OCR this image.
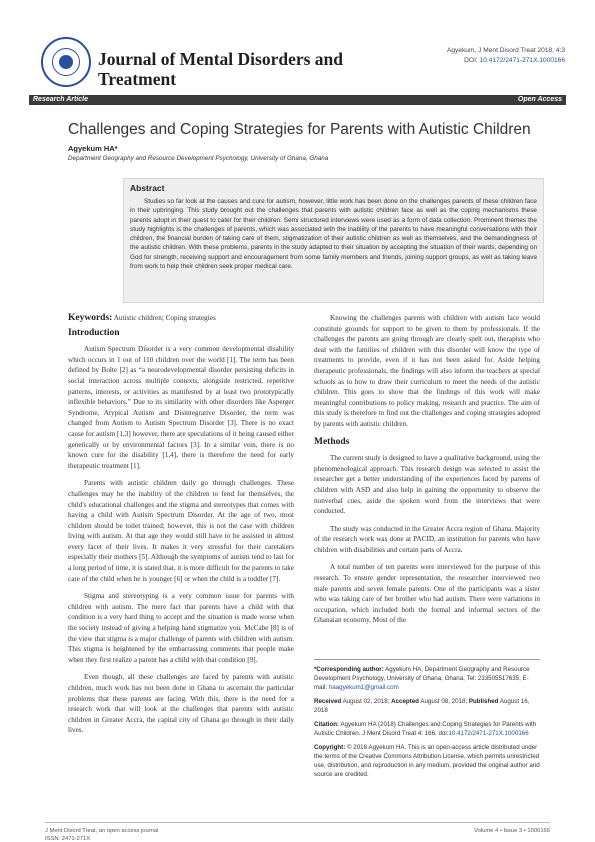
Journal of Mental Disorders and Treatment
Agyekum, J Ment Disord Treat 2018, 4:3
DOI: 10.4172/2471-271X.1000166
Research Article	Open Access
Challenges and Coping Strategies for Parents with Autistic Children
Agyekum HA*
Department Geography and Resource Development Psychology, University of Ghana, Ghana
Abstract

Studies so far look at the causes and cure for autism, however, little work has been done on the challenges parents of these children face in their upbringing. This study brought out the challenges that parents with autistic children face as well as the coping mechanisms these parents adopt in their quest to cater for their children. Semi structured interviews were used as a form of data collection. Prominent themes the study highlights is the challenges of parents, which was associated with the inability of the parents to have meaningful conversations with their children, the financial burden of taking care of them, stigmatization of their autistic children as well as themselves, and the demandingness of the autistic children. With these problems, parents in the study adapted to their situation by accepting the situation of their wards, depending on God for strength, receiving support and encouragement from some family members and friends, joining support groups, as well as taking leave from work to help their children seek proper medical care.

Keywords: Autistic children; Coping strategies
Introduction

Autism Spectrum Disorder is a very common developmental disability which occurs in 1 out of 110 children over the world [1]. The term has been defined by Bolte [2] as “a neurodevelopmental disorder persisting deficits in social interaction across multiple contexts, alongside restricted, repetitive patterns, interests, or activities as manifested by at least two prototypically inflexible behaviors.” Due to its similarity with other disorders like Asperger Syndrome, Atypical Autism and Disintegrative Disorder, the term was changed from Autism to Autism Spectrum Disorder [3]. There is no exact cause for autism [1,3] however, there are speculations of it being caused either genetically or by environmental factors [3]. In a similar vein, there is no known cure for the disability [1,4], there is therefore the need for early therapeutic treatment [1].

Parents with autistic children daily go through challenges. These challenges may be the inability of the children to fend for themselves, the child's educational challenges and the stigma and stereotypes that comes with having a child with Autism Spectrum Disorder. At the age of two, most children should be toilet trained; however, this is not the case with children living with autism. At that age they would still have to be assisted in almost every facet of their lives. It makes it very stressful for their caretakers especially their mothers [5]. Although the symptoms of autism tend to last for a long period of time, it is stated that, it is more difficult for the parents to take care of the child when he is younger [6] or when the child is a toddler [7].

Stigma and stereotyping is a very common issue for parents with children with autism. The mere fact that parents have a child with that condition is a very hard thing to accept and the situation is made worse when the society instead of giving a helping hand stigmatize you. McCabe [8] is of the view that stigma is a major challenge of parents with children with autism. This stigma is heightened by the embarrassing comments that people make when they first realize a parent has a child with that condition [9].

Even though, all these challenges are faced by parents with autistic children, much work has not been done in Ghana to ascertain the particular problems that these parents are facing. With this, there is the need for a research work that will look at the challenges that parents with autistic children in Greater Accra, the capital city of Ghana go through in their daily lives.

Knowing the challenges parents with children with autism face would constitute grounds for support to be given to them by professionals. If the challenges the parents are going through are clearly spelt out, therapists who deal with the families of children with this disorder will know the type of treatments to provide, even if it has not been asked for. Aside helping therapeutic professionals, the findings will also inform the teachers at special schools as to how to draw their curriculum to meet the needs of the autistic children. This goes to show that the findings of this work will make meaningful contributions to policy making, research and practice. The aim of this study is therefore to find out the challenges and coping strategies adopted by parents with autistic children.

Methods

The current study is designed to have a qualitative background, using the phenomenological approach. This research design was selected to assist the researcher get a better understanding of the experiences faced by parents of children with ASD and also help in gaining the opportunity to observe the nonverbal cues, aside the spoken word from the interviews that were conducted.

The study was conducted in the Greater Accra region of Ghana. Majority of the research work was done at PACID, an institution for parents who have children with disabilities and certain parts of Accra.

A total number of ten parents were interviewed for the purpose of this research. To ensure gender representation, the researcher interviewed two male parents and seven female parents. One of the participants was a sister who was taking care of her brother who had autism. There were variations in occupation, which included both the formal and informal sectors of the Ghanaian economy. Most of the

*Corresponding author: Agyekum HA, Department Geography and Resource Development Psychology, University of Ghana, Ghana, Tel: 233505517635; E-mail: haagyekum1@gmail.com

Received August 02, 2018; Accepted August 08, 2018; Published August 16, 2018

Citation: Agyekum HA (2018) Challenges and Coping Strategies for Parents with Autistic Children. J Ment Disord Treat 4: 166. doi:10.4172/2471-271X.1000166

Copyright: © 2018 Agyekum HA. This is an open-access article distributed under the terms of the Creative Commons Attribution License, which permits unrestricted use, distribution, and reproduction in any medium, provided the original author and source are credited.

J Ment Disord Treat, an open access journal
ISSN: 2471-271X
Volume 4 • Issue 3 • 1000166
